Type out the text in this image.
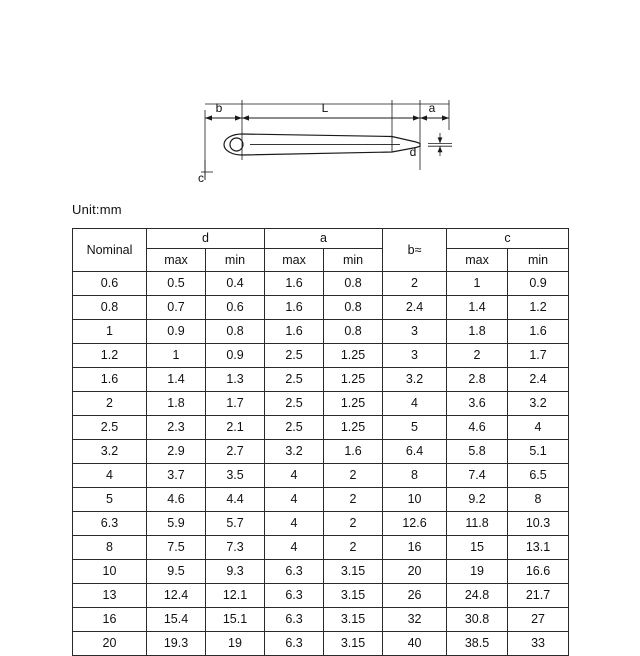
b	L	a
d
c
Unit:mm
Nominal	d		a		b≈	c	
	max	min	max	min		max	min
0.6	0.5	0.4	1.6	0.8	2	1	0.9
0.8	0.7	0.6	1.6	0.8	2.4	1.4	1.2
1	0.9	0.8	1.6	0.8	3	1.8	1.6
1.2	1	0.9	2.5	1.25	3	2	1.7
1.6	1.4	1.3	2.5	1.25	3.2	2.8	2.4
2	1.8	1.7	2.5	1.25	4	3.6	3.2
2.5	2.3	2.1	2.5	1.25	5	4.6	4
3.2	2.9	2.7	3.2	1.6	6.4	5.8	5.1
4	3.7	3.5	4	2	8	7.4	6.5
5	4.6	4.4	4	2	10	9.2	8
6.3	5.9	5.7	4	2	12.6	11.8	10.3
8	7.5	7.3	4	2	16	15	13.1
10	9.5	9.3	6.3	3.15	20	19	16.6
13	12.4	12.1	6.3	3.15	26	24.8	21.7
16	15.4	15.1	6.3	3.15	32	30.8	27
20	19.3	19	6.3	3.15	40	38.5	33
